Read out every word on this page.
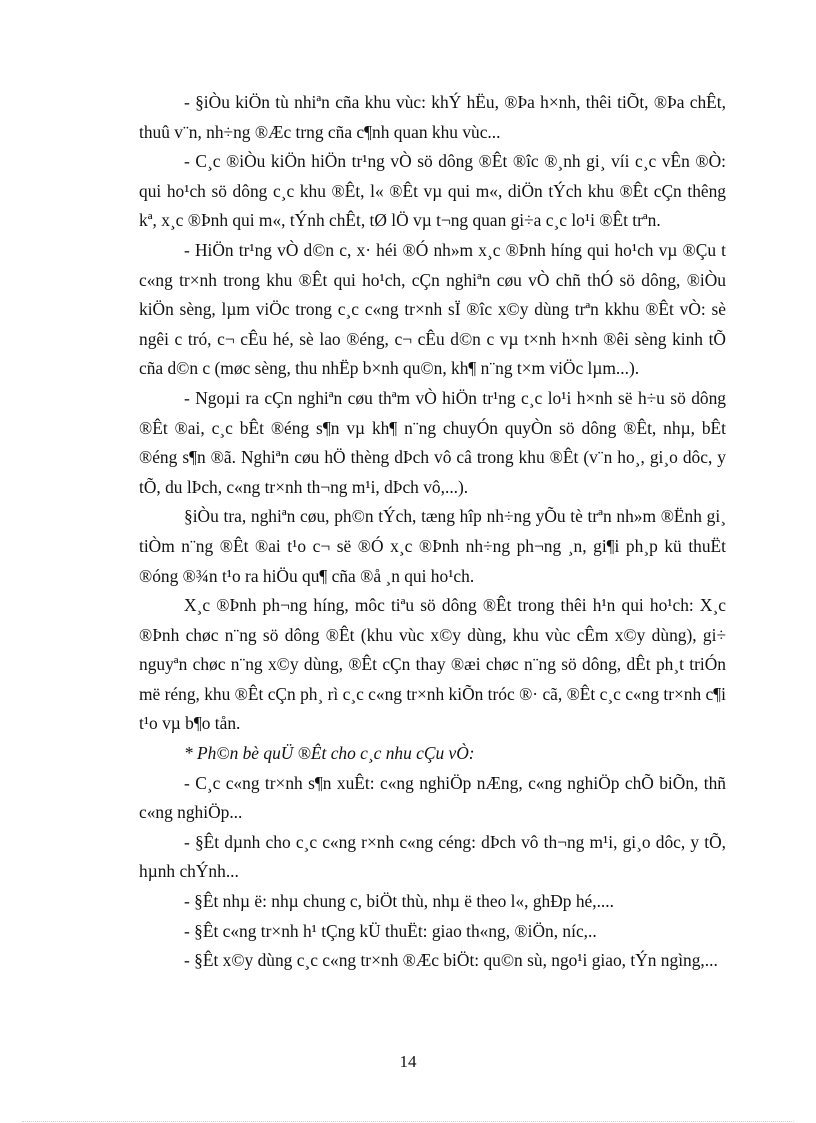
- §iÒu kiÖn tù nhiªn cña khu vùc: khÝ hËu, ®Þa h×nh, thêi tiÕt, ®Þa chÊt, thuû v¨n, nh÷ng ®Æc trng cña c¶nh quan khu vùc...

- C¸c ®iÒu kiÖn hiÖn tr¹ng vÒ sö dông ®Êt ®îc ®¸nh gi¸ víi c¸c vÊn ®Ò: qui ho¹ch sö dông c¸c khu ®Êt, l« ®Êt vµ qui m«, diÖn tÝch khu ®Êt cÇn thêng kª, x¸c ®Þnh qui m«, tÝnh chÊt, tØ lÖ vµ t¬ng quan gi÷a c¸c lo¹i ®Êt trªn.

- HiÖn tr¹ng vÒ d©n c, x· héi ®Ó nh»m x¸c ®Þnh híng qui ho¹ch vµ ®Çu t c«ng tr×nh trong khu ®Êt qui ho¹ch, cÇn nghiªn cøu vÒ chñ thÓ sö dông, ®iÒu kiÖn sèng, lµm viÖc trong c¸c c«ng tr×nh sÏ ®îc x©y dùng trªn kkhu ®Êt vÒ: sè ngêi c tró, c¬ cÊu hé, sè lao ®éng, c¬ cÊu d©n c vµ t×nh h×nh ®êi sèng kinh tÕ cña d©n c (møc sèng, thu nhËp b×nh qu©n, kh¶ n¨ng t×m viÖc lµm...).

- Ngoµi ra cÇn nghiªn cøu thªm vÒ hiÖn tr¹ng c¸c lo¹i h×nh së h÷u sö dông ®Êt ®ai, c¸c bÊt ®éng s¶n vµ kh¶ n¨ng chuyÓn quyÒn sö dông ®Êt, nhµ, bÊt ®éng s¶n ®ã. Nghiªn cøu hÖ thèng dÞch vô câ trong khu ®Êt (v¨n ho¸, gi¸o dôc, y tÕ, du lÞch, c«ng tr×nh th¬ng m¹i, dÞch vô,...).

§iÒu tra, nghiªn cøu, ph©n tÝch, tæng hîp nh÷ng yÕu tè trªn nh»m ®Ënh gi¸ tiÒm n¨ng ®Êt ®ai t¹o c¬ së ®Ó x¸c ®Þnh nh÷ng ph¬ng ¸n, gi¶i ph¸p kü thuËt ®óng ®¾n t¹o ra hiÖu qu¶ cña ®å ¸n qui ho¹ch.

X¸c ®Þnh ph¬ng híng, môc tiªu sö dông ®Êt trong thêi h¹n qui ho¹ch: X¸c ®Þnh chøc n¨ng sö dông ®Êt (khu vùc x©y dùng, khu vùc cÊm x©y dùng), gi÷ nguyªn chøc n¨ng x©y dùng, ®Êt cÇn thay ®æi chøc n¨ng sö dông, dÊt ph¸t triÓn më réng, khu ®Êt cÇn ph¸ rì c¸c c«ng tr×nh kiÕn tróc ®· cã, ®Êt c¸c c«ng tr×nh c¶i t¹o vµ b¶o tån.

* Ph©n bè quÜ ®Êt cho c¸c nhu cÇu vÒ:

- C¸c c«ng tr×nh s¶n xuÊt: c«ng nghiÖp nÆng, c«ng nghiÖp chÕ biÕn, thñ c«ng nghiÖp...

- §Êt dµnh cho c¸c c«ng r×nh c«ng céng: dÞch vô th¬ng m¹i, gi¸o dôc, y tÕ, hµnh chÝnh...

- §Êt nhµ ë: nhµ chung c, biÖt thù, nhµ ë theo l«, ghÐp hé,....

- §Êt c«ng tr×nh h¹ tÇng kÜ thuËt: giao th«ng, ®iÖn, níc,..

- §Êt x©y dùng c¸c c«ng tr×nh ®Æc biÖt: qu©n sù, ngo¹i giao, tÝn ngìng,...

14
